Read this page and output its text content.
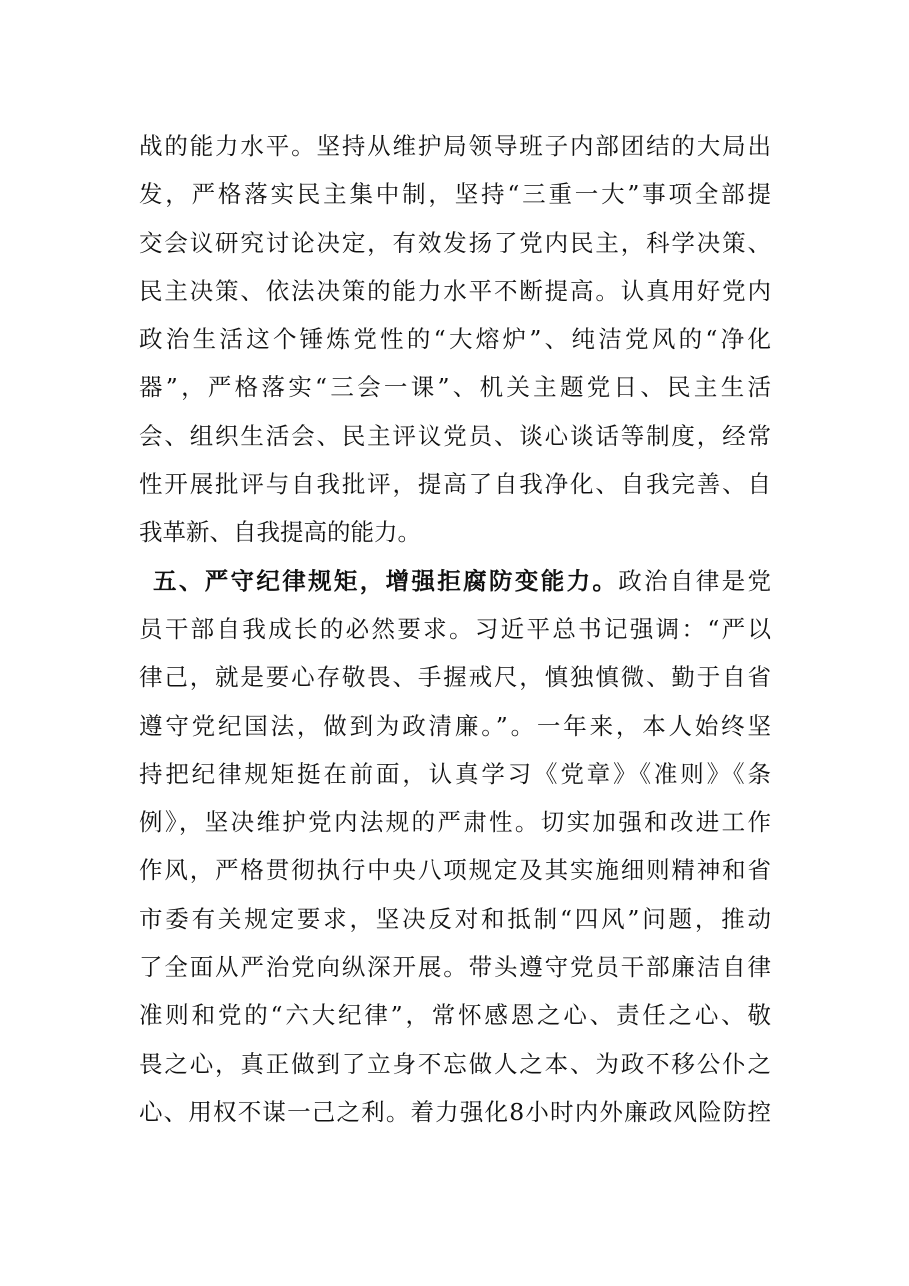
战的能力水平。坚持从维护局领导班子内部团结的大局出
发，严格落实民主集中制，坚持“三重一大”事项全部提
交会议研究讨论决定，有效发扬了党内民主，科学决策、
民主决策、依法决策的能力水平不断提高。认真用好党内
政治生活这个锤炼党性的“大熔炉”、纯洁党风的“净化
器”，严格落实“三会一课”、机关主题党日、民主生活
会、组织生活会、民主评议党员、谈心谈话等制度，经常
性开展批评与自我批评，提高了自我净化、自我完善、自
我革新、自我提高的能力。
五、严守纪律规矩，增强拒腐防变能力。政治自律是党
员干部自我成长的必然要求。习近平总书记强调：“严以
律己，就是要心存敬畏、手握戒尺，慎独慎微、勤于自省
遵守党纪国法，做到为政清廉。”。一年来，本人始终坚
持把纪律规矩挺在前面，认真学习《党章》《准则》《条
例》，坚决维护党内法规的严肃性。切实加强和改进工作
作风，严格贯彻执行中央八项规定及其实施细则精神和省
市委有关规定要求，坚决反对和抵制“四风”问题，推动
了全面从严治党向纵深开展。带头遵守党员干部廉洁自律
准则和党的“六大纪律”，常怀感恩之心、责任之心、敬
畏之心，真正做到了立身不忘做人之本、为政不移公仆之
心、用权不谋一己之利。着力强化8小时内外廉政风险防控
